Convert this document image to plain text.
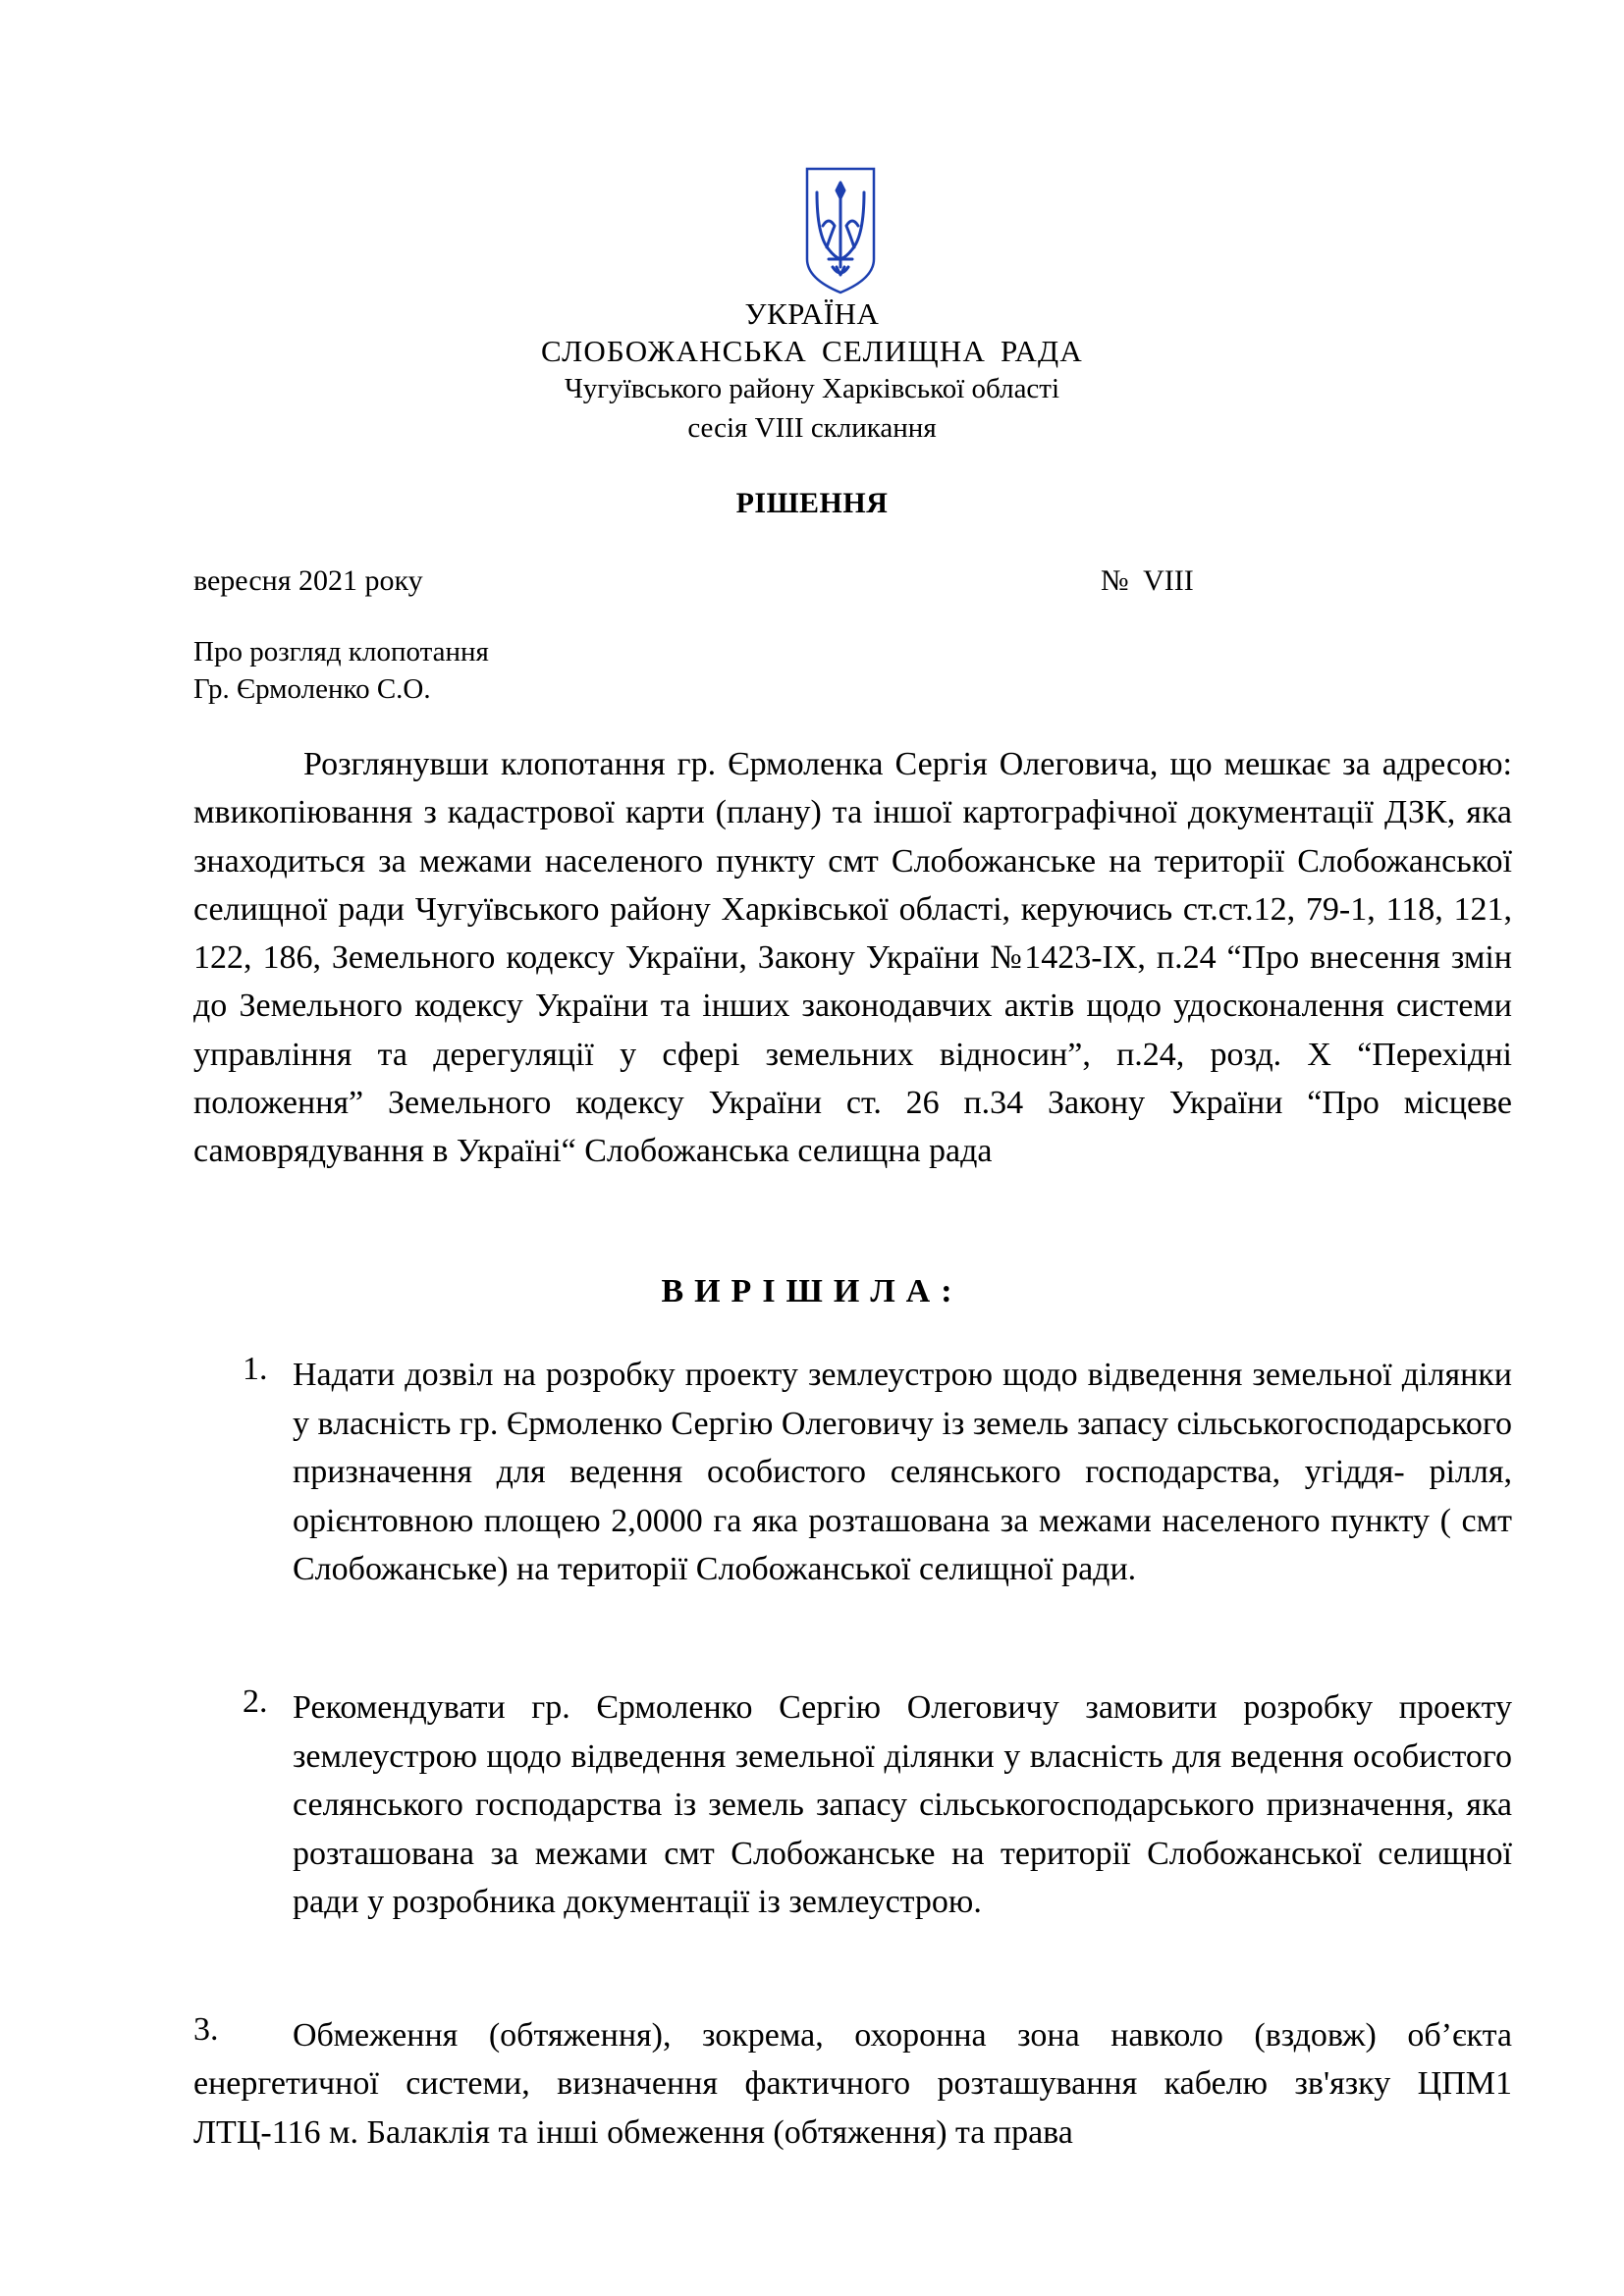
УКРАЇНА
СЛОБОЖАНСЬКА СЕЛИЩНА РАДА
Чугуївського району Харківської області
сесія VIII скликання
РІШЕННЯ
вересня 2021 року	№  VIII
Про розгляд клопотання
Гр. Єрмоленко С.О.
Розглянувши клопотання гр. Єрмоленка Сергія Олеговича, що мешкає за адресою: мвикопіювання з кадастрової карти (плану) та іншої картографічної документації ДЗК, яка знаходиться за межами населеного пункту смт Слобожанське на території Слобожанської селищної ради Чугуївського району Харківської області, керуючись ст.ст.12, 79-1, 118, 121, 122, 186, Земельного кодексу України, Закону України №1423-IX, п.24 “Про внесення змін до Земельного кодексу України та інших законодавчих актів щодо удосконалення системи управління та дерегуляції у сфері земельних відносин”, п.24, розд. Х “Перехідні положення” Земельного кодексу України ст. 26 п.34 Закону України “Про місцеве самоврядування в Україні“ Слобожанська селищна рада
ВИРІШИЛА:
1. Надати дозвіл на розробку проекту землеустрою щодо відведення земельної ділянки у власність гр. Єрмоленко Сергію Олеговичу із земель запасу сільськогосподарського призначення для ведення особистого селянського господарства, угіддя- рілля, орієнтовною площею 2,0000 га яка розташована за межами населеного пункту ( смт Слобожанське) на території Слобожанської селищної ради.
2. Рекомендувати гр. Єрмоленко Сергію Олеговичу замовити розробку проекту землеустрою щодо відведення земельної ділянки у власність для ведення особистого селянського господарства із земель запасу сільськогосподарського призначення, яка розташована за межами смт Слобожанське на території Слобожанської селищної ради у розробника документації із землеустрою.
3.	Обмеження (обтяження), зокрема, охоронна зона навколо (вздовж) об’єкта енергетичної системи, визначення фактичного розташування кабелю зв'язку ЦПМ1 ЛТЦ-116 м. Балаклія та інші обмеження (обтяження) та права
